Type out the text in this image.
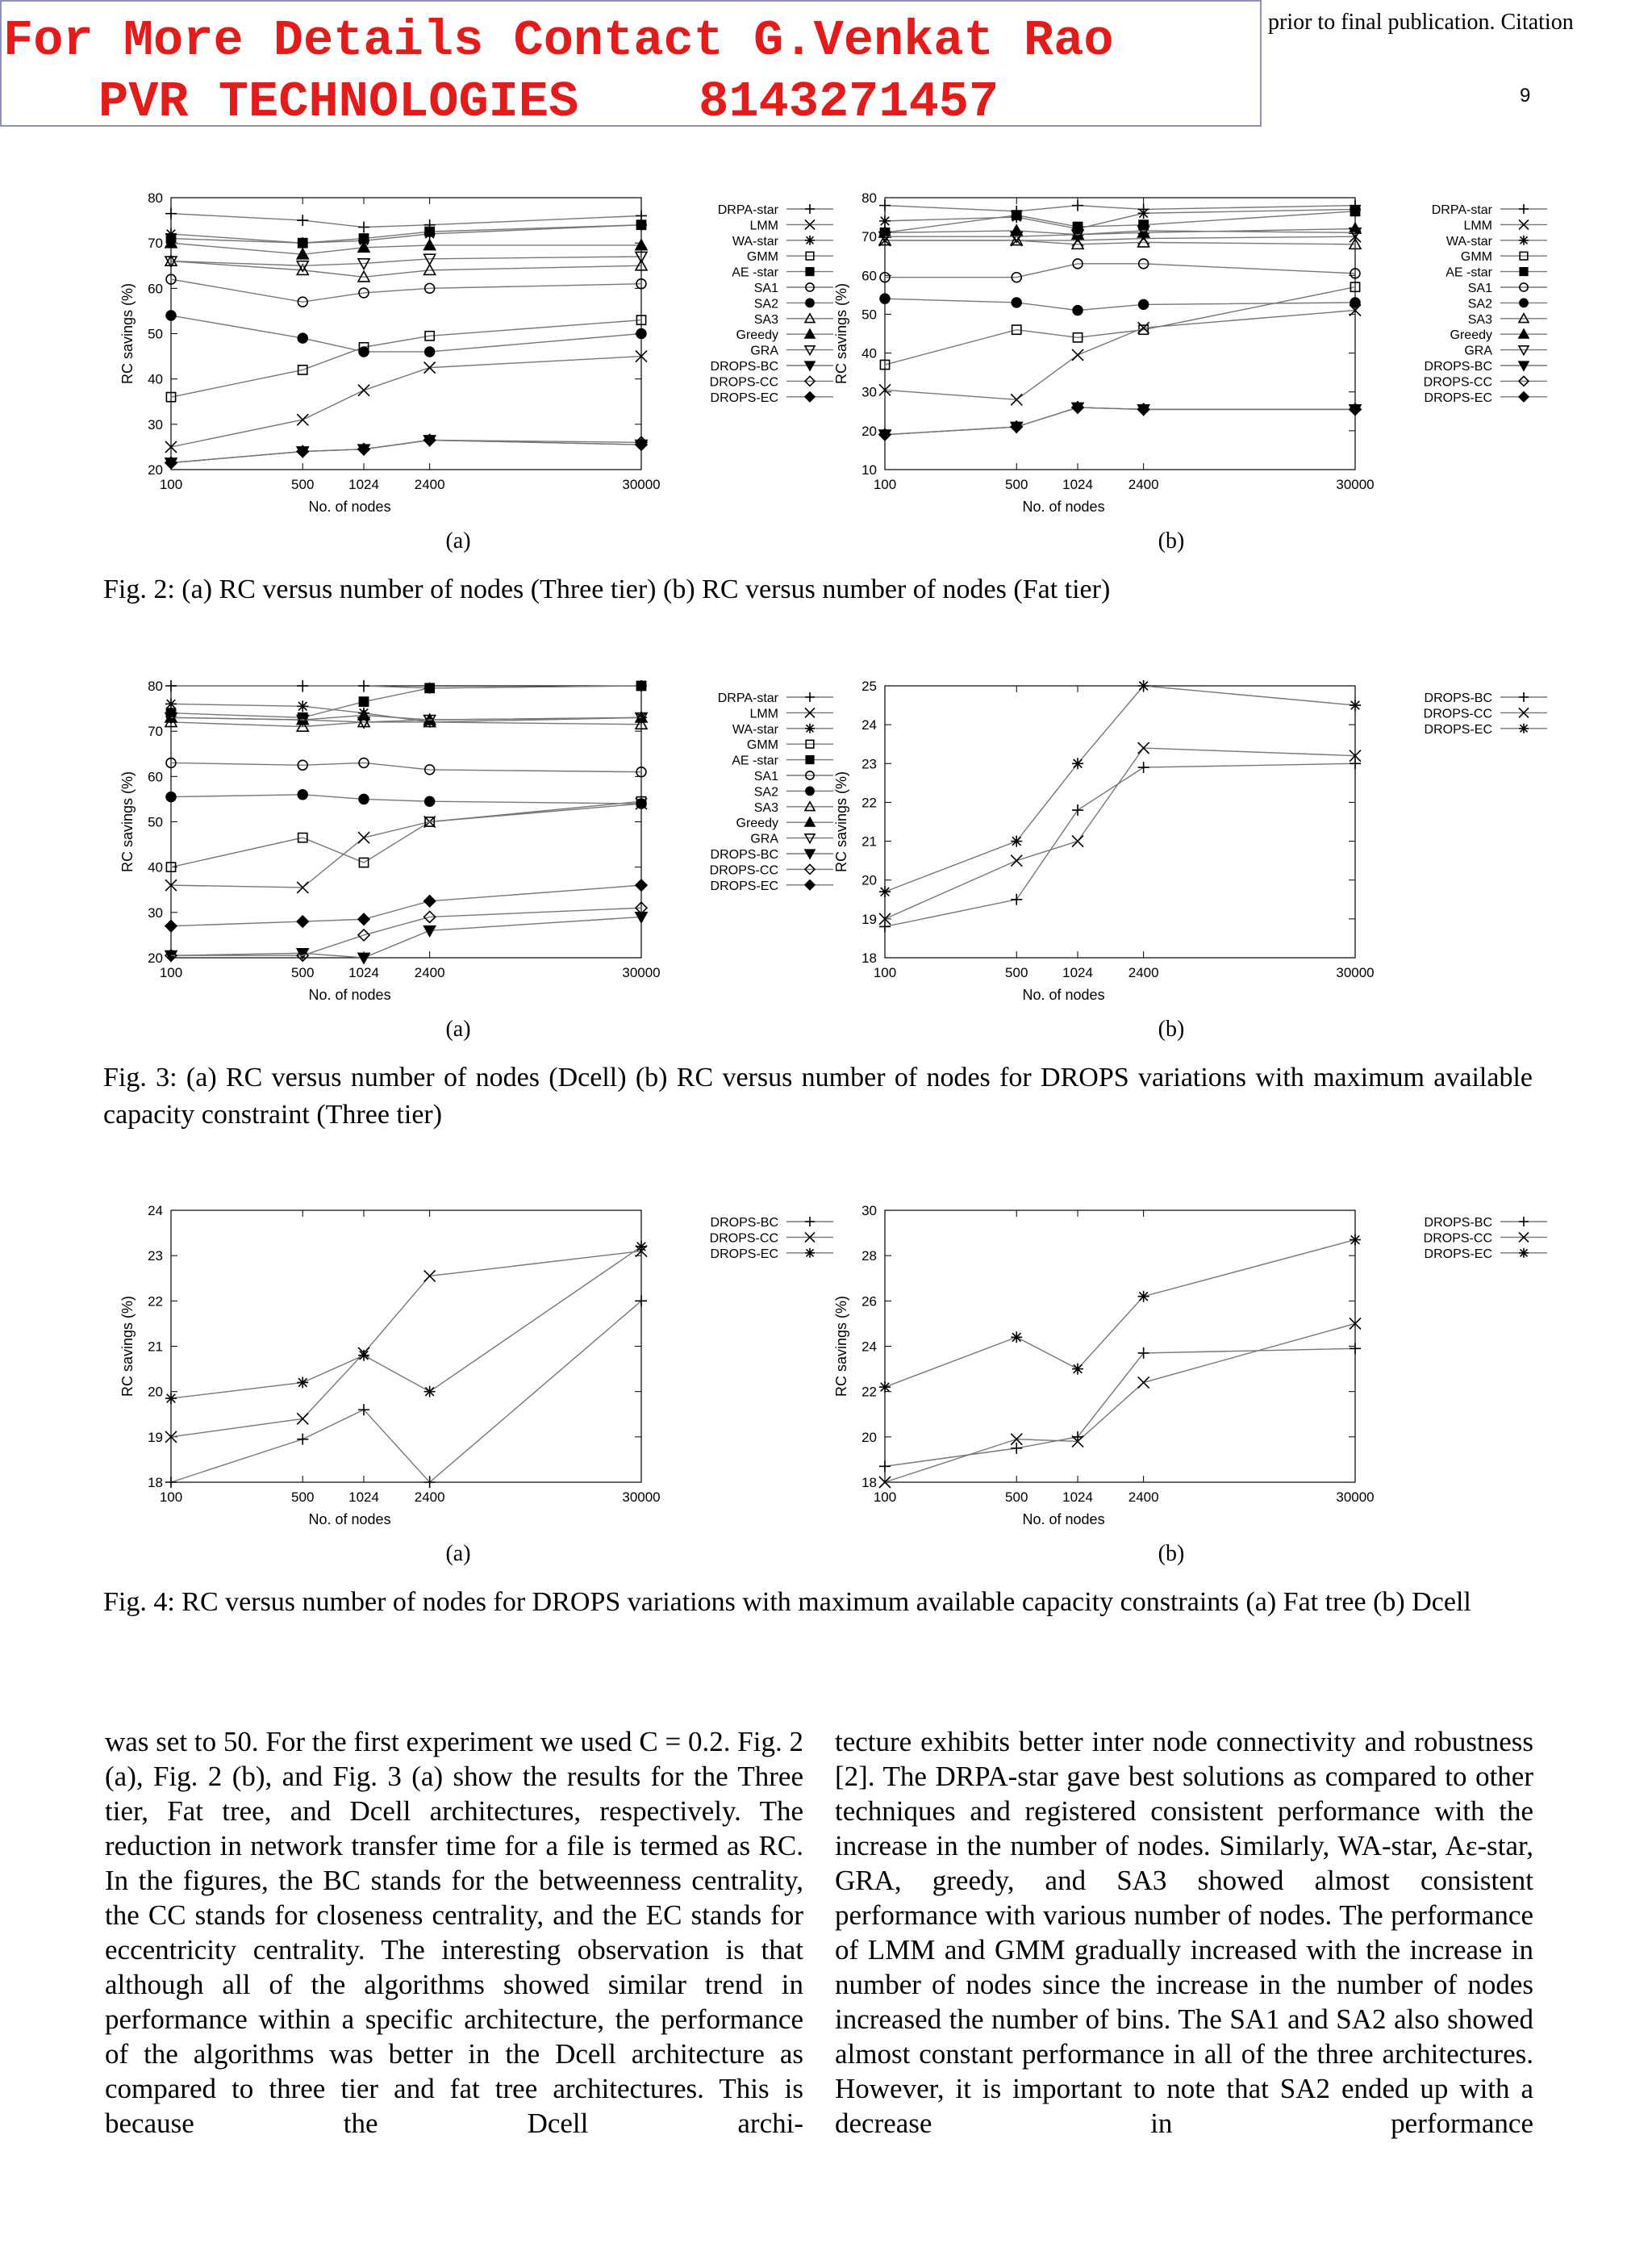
For More Details Contact G.Venkat Rao
PVR TECHNOLOGIES    8143271457
prior to final publication. Citation
9
20
30
40
50
60
70
80
100	500	1024	2400	30000
No. of nodes
RC savings (%)
DRPA-star
LMM
WA-star
GMM
AE -star
SA1
SA2
SA3
Greedy
GRA
DROPS-BC
DROPS-CC
DROPS-EC
10
20
30
40
50
60
70
80
100	500	1024	2400	30000
No. of nodes
RC savings (%)
DRPA-star
LMM
WA-star
GMM
AE -star
SA1
SA2
SA3
Greedy
GRA
DROPS-BC
DROPS-CC
DROPS-EC
(a)	(b)
Fig. 2: (a) RC versus number of nodes (Three tier) (b) RC versus number of nodes (Fat tier)
20
30
40
50
60
70
80
100	500	1024	2400	30000
No. of nodes
RC savings (%)
DRPA-star
LMM
WA-star
GMM
AE -star
SA1
SA2
SA3
Greedy
GRA
DROPS-BC
DROPS-CC
DROPS-EC
18
19
20
21
22
23
24
25
100	500	1024	2400	30000
No. of nodes
RC savings (%)
DROPS-BC
DROPS-CC
DROPS-EC
(a)	(b)
Fig. 3: (a) RC versus number of nodes (Dcell) (b) RC versus number of nodes for DROPS variations with maximum available capacity constraint (Three tier)
18
19
20
21
22
23
24
100	500	1024	2400	30000
No. of nodes
RC savings (%)
DROPS-BC
DROPS-CC
DROPS-EC
18
20
22
24
26
28
30
100	500	1024	2400	30000
No. of nodes
RC savings (%)
DROPS-BC
DROPS-CC
DROPS-EC
(a)	(b)
Fig. 4: RC versus number of nodes for DROPS variations with maximum available capacity constraints (a) Fat tree (b) Dcell

was set to 50. For the first experiment we used C = 0.2. Fig. 2 (a), Fig. 2 (b), and Fig. 3 (a) show the results for the Three tier, Fat tree, and Dcell architectures, respectively. The reduction in network transfer time for a file is termed as RC. In the figures, the BC stands for the betweenness centrality, the CC stands for closeness centrality, and the EC stands for eccentricity centrality. The interesting observation is that although all of the algorithms showed similar trend in performance within a specific architecture, the performance of the algorithms was better in the Dcell architecture as compared to three tier and fat tree architectures. This is because the Dcell archi-

tecture exhibits better inter node connectivity and robustness [2]. The DRPA-star gave best solutions as compared to other techniques and registered consistent performance with the increase in the number of nodes. Similarly, WA-star, Aε-star, GRA, greedy, and SA3 showed almost consistent performance with various number of nodes. The performance of LMM and GMM gradually increased with the increase in number of nodes since the increase in the number of nodes increased the number of bins. The SA1 and SA2 also showed almost constant performance in all of the three architectures. However, it is important to note that SA2 ended up with a decrease in performance
